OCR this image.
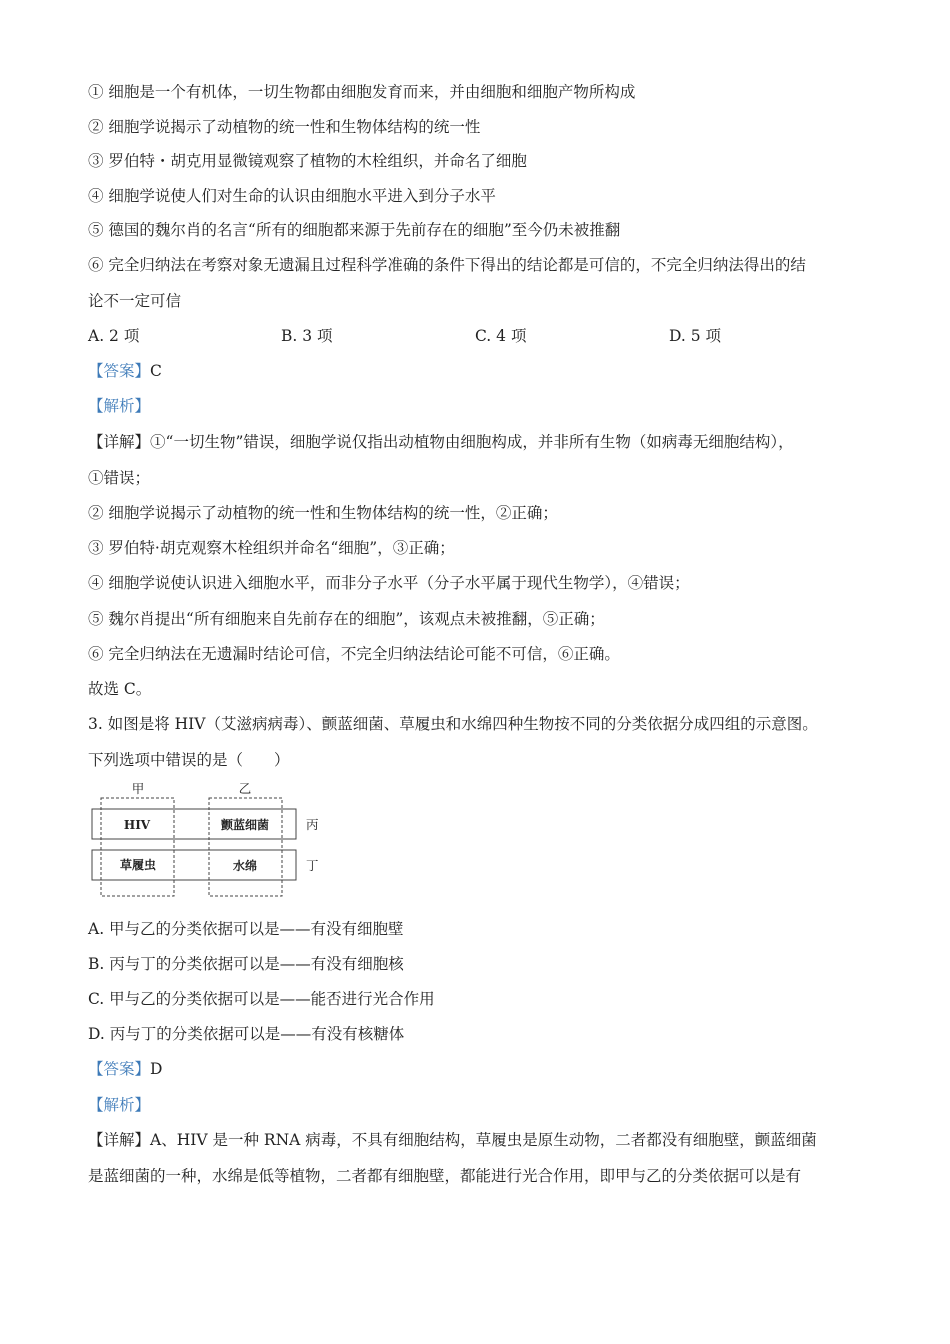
① 细胞是一个有机体，一切生物都由细胞发育而来，并由细胞和细胞产物所构成
② 细胞学说揭示了动植物的统一性和生物体结构的统一性
③ 罗伯特・胡克用显微镜观察了植物的木栓组织，并命名了细胞
④ 细胞学说使人们对生命的认识由细胞水平进入到分子水平
⑤ 德国的魏尔肖的名言“所有的细胞都来源于先前存在的细胞”至今仍未被推翻
⑥ 完全归纳法在考察对象无遗漏且过程科学准确的条件下得出的结论都是可信的，不完全归纳法得出的结
论不一定可信
A. 2 项	B. 3 项	C. 4 项	D. 5 项
【答案】C
【解析】
【详解】①“一切生物”错误，细胞学说仅指出动植物由细胞构成，并非所有生物（如病毒无细胞结构），
①错误；
② 细胞学说揭示了动植物的统一性和生物体结构的统一性，②正确；
③ 罗伯特·胡克观察木栓组织并命名“细胞”，③正确；
④ 细胞学说使认识进入细胞水平，而非分子水平（分子水平属于现代生物学），④错误；
⑤ 魏尔肖提出“所有细胞来自先前存在的细胞”，该观点未被推翻，⑤正确；
⑥ 完全归纳法在无遗漏时结论可信，不完全归纳法结论可能不可信，⑥正确。
故选 C。
3. 如图是将 HIV（艾滋病病毒）、颤蓝细菌、草履虫和水绵四种生物按不同的分类依据分成四组的示意图。
下列选项中错误的是（　　）
甲	乙
丙
丁
HIV	颤蓝细菌
草履虫	水绵
A. 甲与乙的分类依据可以是——有没有细胞壁
B. 丙与丁的分类依据可以是——有没有细胞核
C. 甲与乙的分类依据可以是——能否进行光合作用
D. 丙与丁的分类依据可以是——有没有核糖体
【答案】D
【解析】
【详解】A、HIV 是一种 RNA 病毒，不具有细胞结构，草履虫是原生动物，二者都没有细胞壁，颤蓝细菌
是蓝细菌的一种，水绵是低等植物，二者都有细胞壁，都能进行光合作用，即甲与乙的分类依据可以是有
